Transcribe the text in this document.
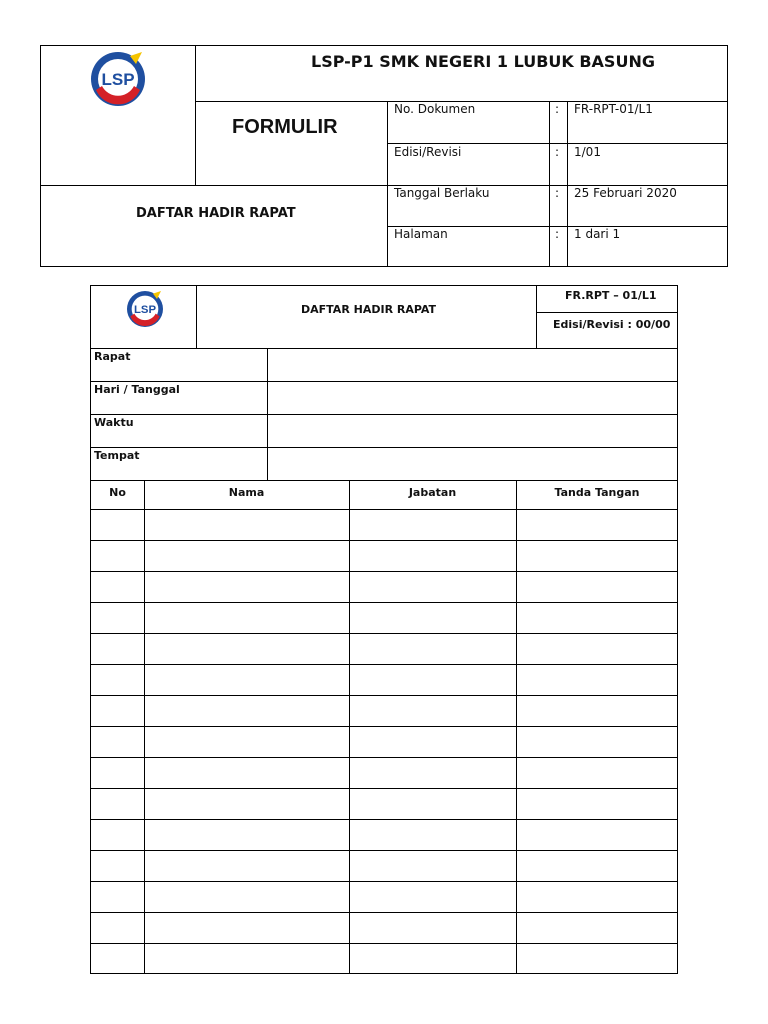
LSP
LSP-P1 SMK NEGERI 1 LUBUK BASUNG
FORMULIR
DAFTAR HADIR RAPAT
No. Dokumen	: FR-RPT-01/L1
Edisi/Revisi	: 1/01
Tanggal Berlaku	: 25 Februari 2020
Halaman	: 1 dari 1
LSP	DAFTAR HADIR RAPAT
FR.RPT – 01/L1
Edisi/Revisi : 00/00
Rapat
Hari / Tanggal
Waktu
Tempat
No	Nama	Jabatan	Tanda Tangan
